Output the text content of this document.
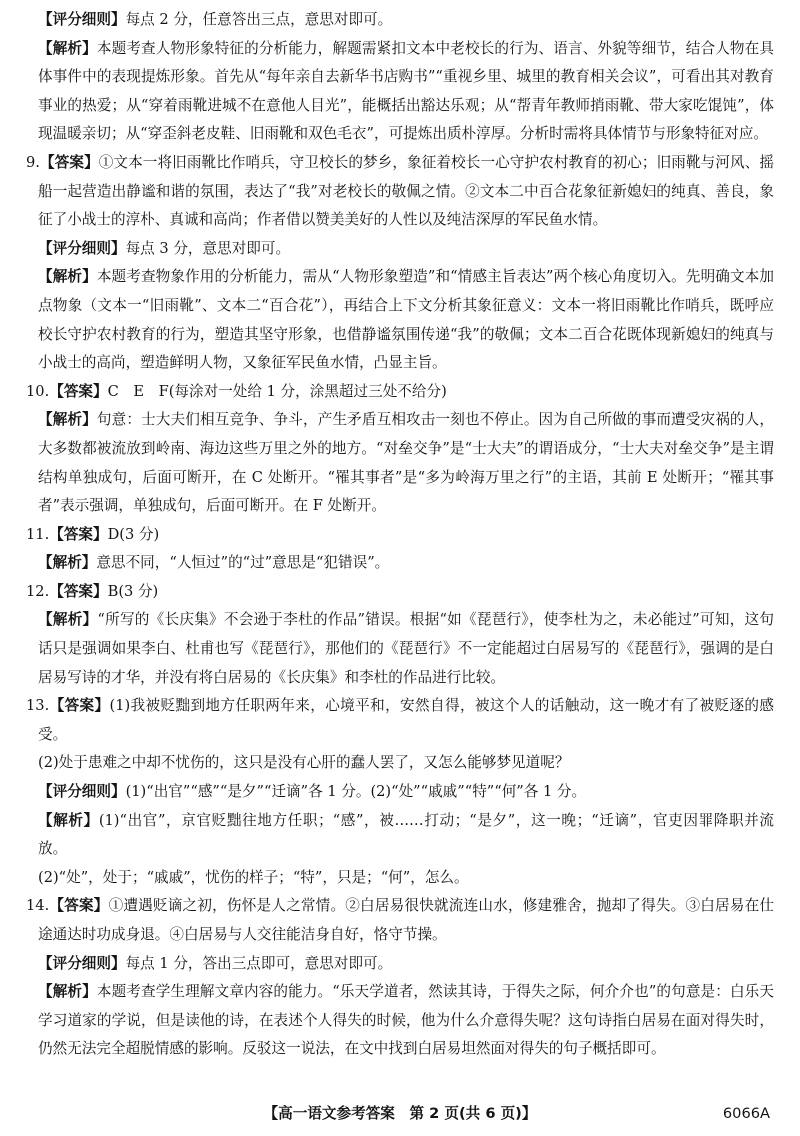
【评分细则】每点 2 分，任意答出三点，意思对即可。

【解析】本题考查人物形象特征的分析能力，解题需紧扣文本中老校长的行为、语言、外貌等细节，结合人物在具体事件中的表现提炼形象。首先从“每年亲自去新华书店购书”“重视乡里、城里的教育相关会议”，可看出其对教育事业的热爱；从“穿着雨靴进城不在意他人目光”，能概括出豁达乐观；从“帮青年教师捎雨靴、带大家吃馄饨”，体现温暖亲切；从“穿歪斜老皮鞋、旧雨靴和双色毛衣”，可提炼出质朴淳厚。分析时需将具体情节与形象特征对应。

9.【答案】①文本一将旧雨靴比作哨兵，守卫校长的梦乡，象征着校长一心守护农村教育的初心；旧雨靴与河风、摇船一起营造出静谧和谐的氛围，表达了“我”对老校长的敬佩之情。②文本二中百合花象征新媳妇的纯真、善良，象征了小战士的淳朴、真诚和高尚；作者借以赞美美好的人性以及纯洁深厚的军民鱼水情。

【评分细则】每点 3 分，意思对即可。

【解析】本题考查物象作用的分析能力，需从“人物形象塑造”和“情感主旨表达”两个核心角度切入。先明确文本加点物象（文本一“旧雨靴”、文本二“百合花”），再结合上下文分析其象征意义：文本一将旧雨靴比作哨兵，既呼应校长守护农村教育的行为，塑造其坚守形象，也借静谧氛围传递“我”的敬佩；文本二百合花既体现新媳妇的纯真与小战士的高尚，塑造鲜明人物，又象征军民鱼水情，凸显主旨。

10.【答案】C　E　F(每涂对一处给 1 分，涂黑超过三处不给分)

【解析】句意：士大夫们相互竞争、争斗，产生矛盾互相攻击一刻也不停止。因为自己所做的事而遭受灾祸的人，大多数都被流放到岭南、海边这些万里之外的地方。“对垒交争”是“士大夫”的谓语成分，“士大夫对垒交争”是主谓结构单独成句，后面可断开，在 C 处断开。“罹其事者”是“多为岭海万里之行”的主语，其前 E 处断开；“罹其事者”表示强调，单独成句，后面可断开。在 F 处断开。

11.【答案】D(3 分)

【解析】意思不同，“人恒过”的“过”意思是“犯错误”。

12.【答案】B(3 分)

【解析】“所写的《长庆集》不会逊于李杜的作品”错误。根据“如《琵琶行》，使李杜为之，未必能过”可知，这句话只是强调如果李白、杜甫也写《琵琶行》，那他们的《琵琶行》不一定能超过白居易写的《琵琶行》，强调的是白居易写诗的才华，并没有将白居易的《长庆集》和李杜的作品进行比较。

13.【答案】(1)我被贬黜到地方任职两年来，心境平和，安然自得，被这个人的话触动，这一晚才有了被贬逐的感受。

(2)处于患难之中却不忧伤的，这只是没有心肝的蠢人罢了，又怎么能够梦见道呢？

【评分细则】(1)“出官”“感”“是夕”“迁谪”各 1 分。(2)“处”“戚戚”“特”“何”各 1 分。

【解析】(1)“出官”，京官贬黜往地方任职；“感”，被……打动；“是夕”，这一晚；“迁谪”，官吏因罪降职并流放。

(2)“处”，处于；“戚戚”，忧伤的样子；“特”，只是；“何”，怎么。

14.【答案】①遭遇贬谪之初，伤怀是人之常情。②白居易很快就流连山水，修建雅舍，抛却了得失。③白居易在仕途通达时功成身退。④白居易与人交往能洁身自好，恪守节操。

【评分细则】每点 1 分，答出三点即可，意思对即可。

【解析】本题考查学生理解文章内容的能力。“乐天学道者，然读其诗，于得失之际，何介介也”的句意是：白乐天学习道家的学说，但是读他的诗，在表述个人得失的时候，他为什么介意得失呢？这句诗指白居易在面对得失时，仍然无法完全超脱情感的影响。反驳这一说法，在文中找到白居易坦然面对得失的句子概括即可。

【高一语文参考答案　第 2 页(共 6 页)】	6066A
